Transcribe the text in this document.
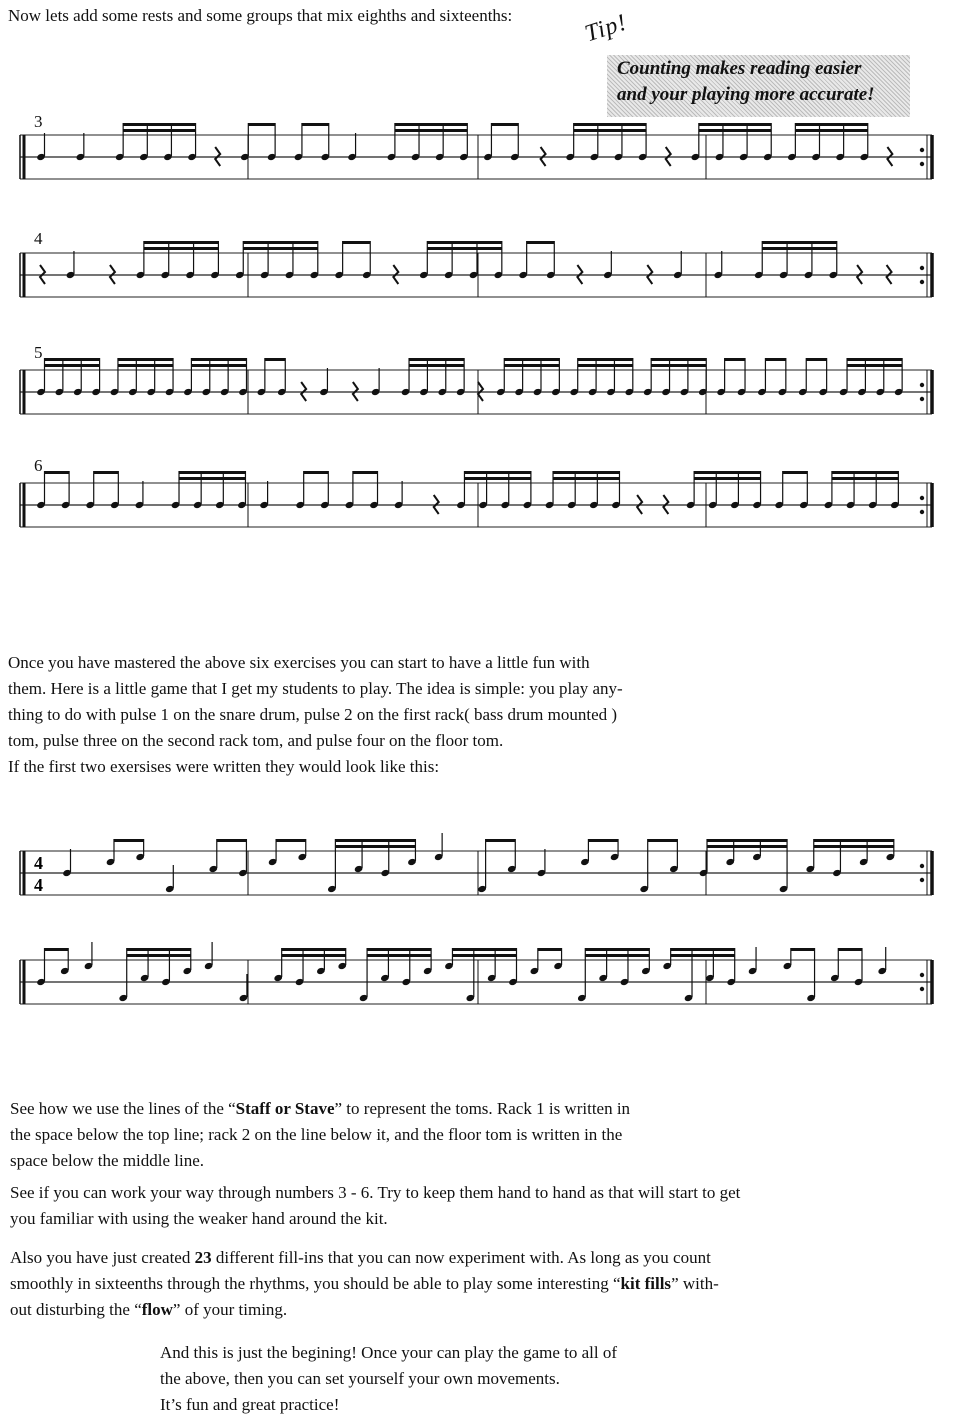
Now lets add some rests and some groups that mix eighths and sixteenths:	Tip!
Counting makes reading easier
and your playing more accurate!
3
4
5
6
4
4
Once you have mastered the above six exercises you can start to have a little fun with
them. Here is a little game that I get my students to play. The idea is simple: you play any-
thing to do with pulse 1 on the snare drum, pulse 2 on the first rack( bass drum mounted )
tom, pulse three on the second rack tom, and pulse four on the floor tom.
If the first two exersises were written they would look like this:
See how we use the lines of the “Staff or Stave” to represent the toms. Rack 1 is written in
the space below the top line; rack 2 on the line below it, and the floor tom is written in the
space below the middle line.
See if you can work your way through numbers 3 - 6. Try to keep them hand to hand as that will start to get
you familiar with using the weaker hand around the kit.
Also you have just created 23 different fill-ins that you can now experiment with. As long as you count
smoothly in sixteenths through the rhythms, you should be able to play some interesting “kit fills” with-
out disturbing the “flow” of your timing.
And this is just the begining! Once your can play the game to all of
the above, then you can set yourself your own movements.
It’s fun and great practice!
